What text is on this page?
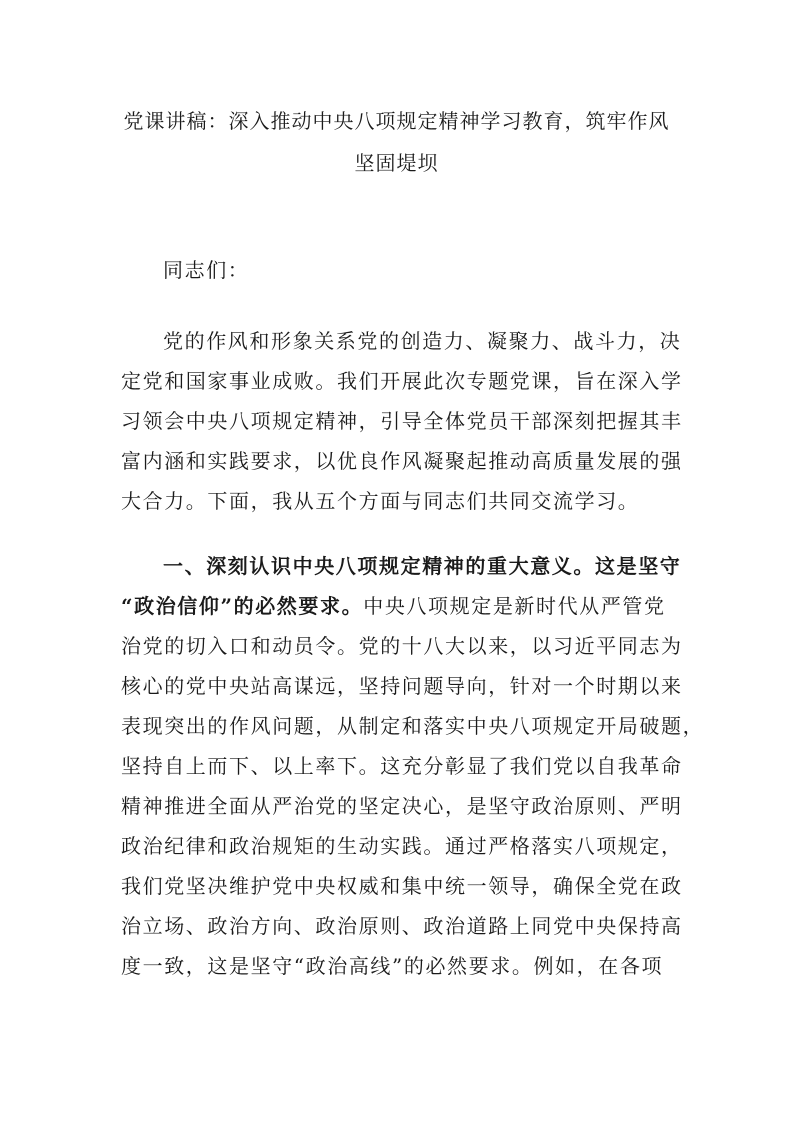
党课讲稿：深入推动中央八项规定精神学习教育，筑牢作风
坚固堤坝
同志们：
党的作风和形象关系党的创造力、凝聚力、战斗力，决
定党和国家事业成败。我们开展此次专题党课，旨在深入学
习领会中央八项规定精神，引导全体党员干部深刻把握其丰
富内涵和实践要求，以优良作风凝聚起推动高质量发展的强
大合力。下面，我从五个方面与同志们共同交流学习。
一、深刻认识中央八项规定精神的重大意义。这是坚守
“政治信仰”的必然要求。中央八项规定是新时代从严管党
治党的切入口和动员令。党的十八大以来，以习近平同志为
核心的党中央站高谋远，坚持问题导向，针对一个时期以来
表现突出的作风问题，从制定和落实中央八项规定开局破题，
坚持自上而下、以上率下。这充分彰显了我们党以自我革命
精神推进全面从严治党的坚定决心，是坚守政治原则、严明
政治纪律和政治规矩的生动实践。通过严格落实八项规定，
我们党坚决维护党中央权威和集中统一领导，确保全党在政
治立场、政治方向、政治原则、政治道路上同党中央保持高
度一致，这是坚守“政治高线”的必然要求。例如，在各项
